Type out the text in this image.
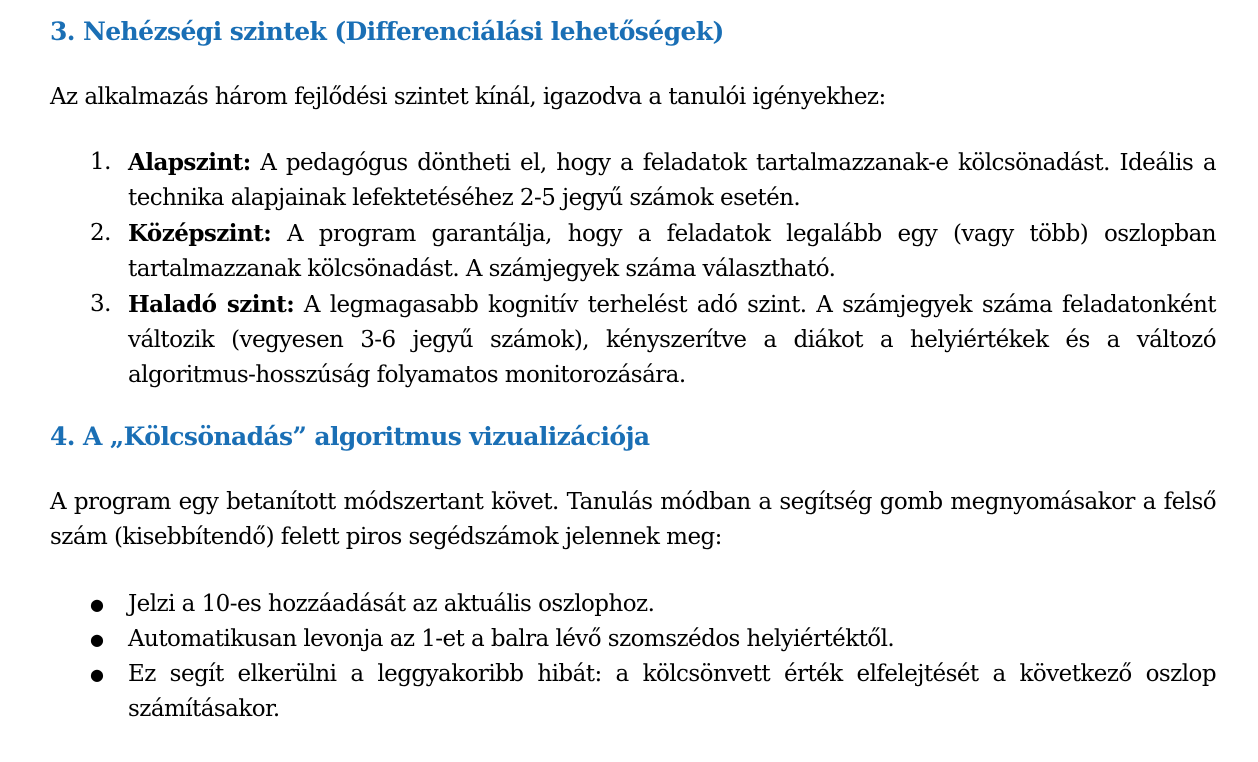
3. Nehézségi szintek (Differenciálási lehetőségek)

Az alkalmazás három fejlődési szintet kínál, igazodva a tanulói igényekhez:

1. Alapszint: A pedagógus döntheti el, hogy a feladatok tartalmazzanak-e kölcsönadást. Ideális a technika alapjainak lefektetéséhez 2-5 jegyű számok esetén.
2. Középszint: A program garantálja, hogy a feladatok legalább egy (vagy több) oszlopban tartalmazzanak kölcsönadást. A számjegyek száma választható.
3. Haladó szint: A legmagasabb kognitív terhelést adó szint. A számjegyek száma feladatonként változik (vegyesen 3-6 jegyű számok), kényszerítve a diákot a helyiértékek és a változó algoritmus-hosszúság folyamatos monitorozására.
4. A „Kölcsönadás” algoritmus vizualizációja

A program egy betanított módszertant követ. Tanulás módban a segítség gomb megnyomásakor a felső szám (kisebbítendő) felett piros segédszámok jelennek meg:

● Jelzi a 10-es hozzáadását az aktuális oszlophoz.
● Automatikusan levonja az 1-et a balra lévő szomszédos helyiértéktől.
● Ez segít elkerülni a leggyakoribb hibát: a kölcsönvett érték elfelejtését a következő oszlop számításakor.
